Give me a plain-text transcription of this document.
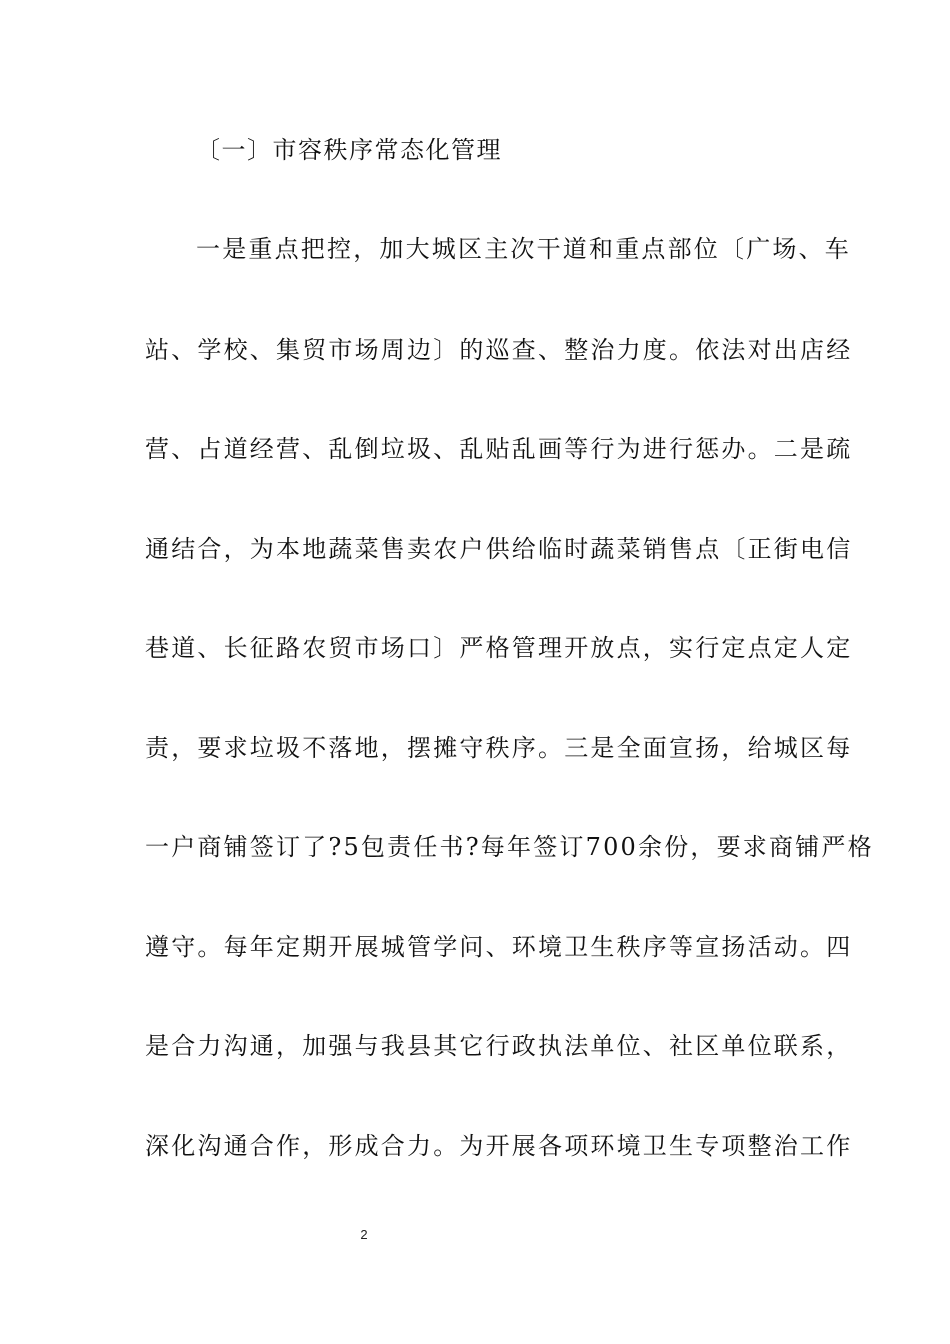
〔一〕市容秩序常态化管理
一是重点把控，加大城区主次干道和重点部位〔广场、车
站、学校、集贸市场周边〕的巡查、整治力度。依法对出店经
营、占道经营、乱倒垃圾、乱贴乱画等行为进行惩办。二是疏
通结合，为本地蔬菜售卖农户供给临时蔬菜销售点〔正街电信
巷道、长征路农贸市场口〕严格管理开放点，实行定点定人定
责，要求垃圾不落地，摆摊守秩序。三是全面宣扬，给城区每
一户商铺签订了?5包责任书?每年签订700余份，要求商铺严格
遵守。每年定期开展城管学问、环境卫生秩序等宣扬活动。四
是合力沟通，加强与我县其它行政执法单位、社区单位联系，
深化沟通合作，形成合力。为开展各项环境卫生专项整治工作
2
